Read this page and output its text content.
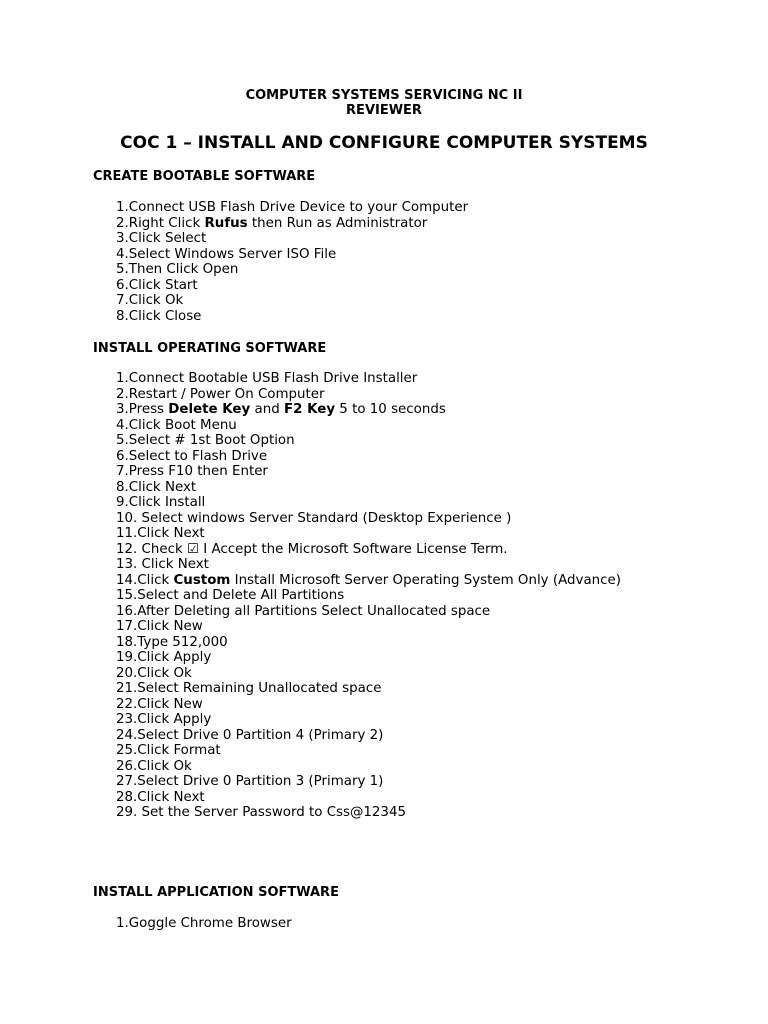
COMPUTER SYSTEMS SERVICING NC II
REVIEWER
COC 1 – INSTALL AND CONFIGURE COMPUTER SYSTEMS
CREATE BOOTABLE SOFTWARE
1.Connect USB Flash Drive Device to your Computer
2.Right Click Rufus then Run as Administrator
3.Click Select
4.Select Windows Server ISO File
5.Then Click Open
6.Click Start
7.Click Ok
8.Click Close
INSTALL OPERATING SOFTWARE
1.Connect Bootable USB Flash Drive Installer
2.Restart / Power On Computer
3.Press Delete Key and F2 Key 5 to 10 seconds
4.Click Boot Menu
5.Select # 1st Boot Option
6.Select to Flash Drive
7.Press F10 then Enter
8.Click Next
9.Click Install
10. Select windows Server Standard (Desktop Experience )
11.Click Next
12. Check ☑ I Accept the Microsoft Software License Term.
13. Click Next
14.Click Custom Install Microsoft Server Operating System Only (Advance)
15.Select and Delete All Partitions
16.After Deleting all Partitions Select Unallocated space
17.Click New
18.Type 512,000
19.Click Apply
20.Click Ok
21.Select Remaining Unallocated space
22.Click New
23.Click Apply
24.Select Drive 0 Partition 4 (Primary 2)
25.Click Format
26.Click Ok
27.Select Drive 0 Partition 3 (Primary 1)
28.Click Next
29. Set the Server Password to Css@12345
INSTALL APPLICATION SOFTWARE
1.Goggle Chrome Browser
